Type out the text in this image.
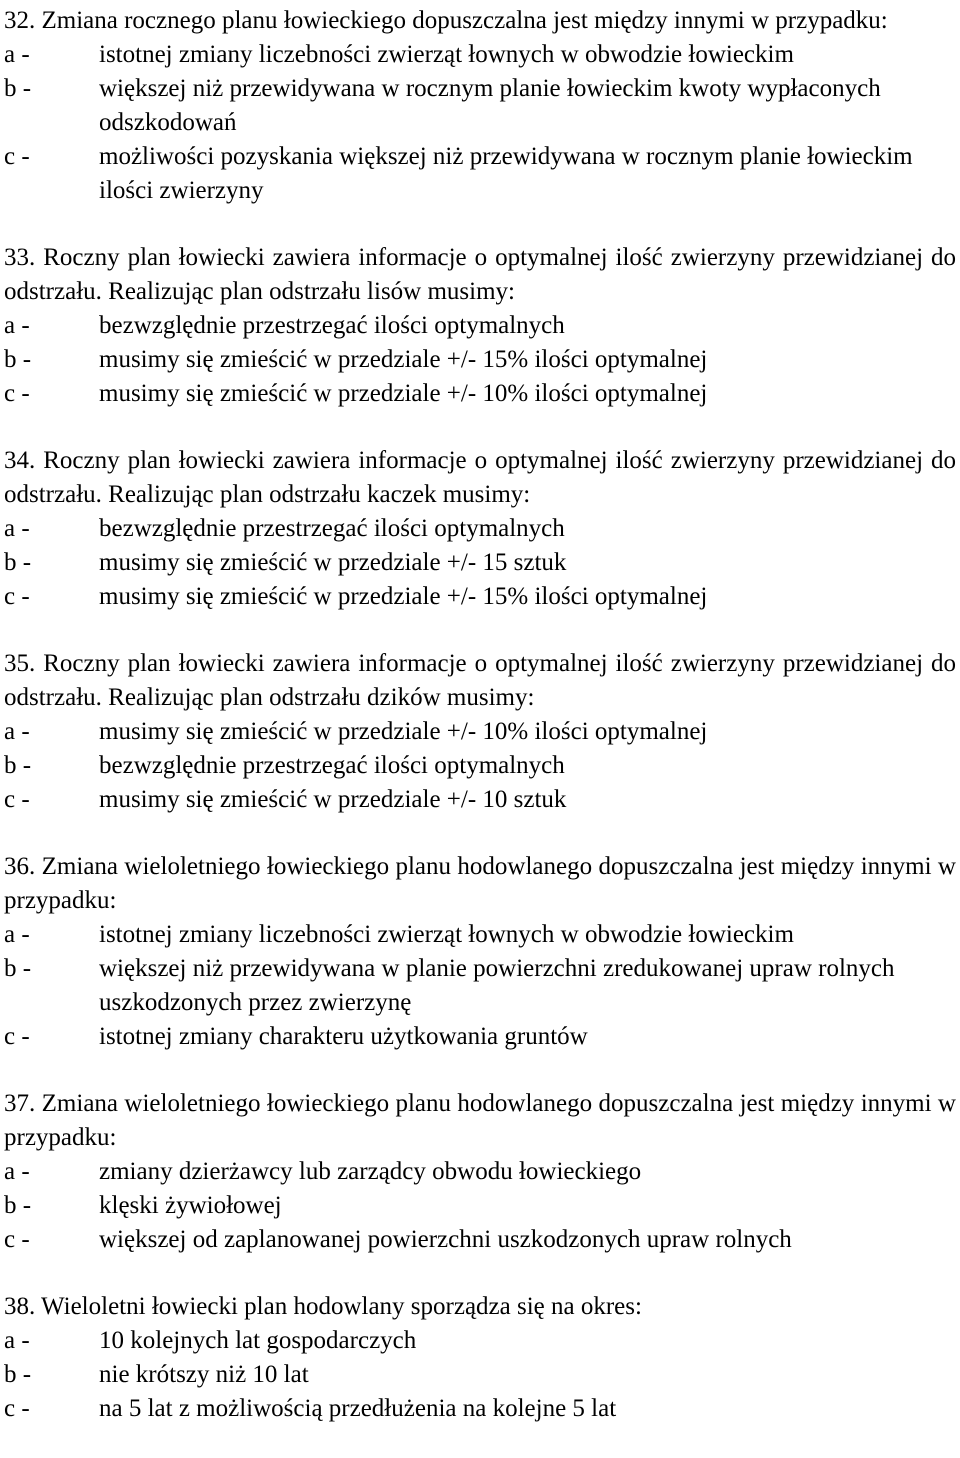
32. Zmiana rocznego planu łowieckiego dopuszczalna jest między innymi w przypadku:

a -	istotnej zmiany liczebności zwierząt łownych w obwodzie łowieckim
b -	większej niż przewidywana w rocznym planie łowieckim kwoty wypłaconych odszkodowań
c -	możliwości pozyskania większej niż przewidywana w rocznym planie łowieckim ilości zwierzyny

33. Roczny plan łowiecki zawiera informacje o optymalnej ilość zwierzyny przewidzianej do odstrzału. Realizując plan odstrzału lisów musimy:

a -	bezwzględnie przestrzegać ilości optymalnych
b -	musimy się zmieścić w przedziale +/- 15% ilości optymalnej
c -	musimy się zmieścić w przedziale +/- 10% ilości optymalnej

34. Roczny plan łowiecki zawiera informacje o optymalnej ilość zwierzyny przewidzianej do odstrzału. Realizując plan odstrzału kaczek musimy:

a -	bezwzględnie przestrzegać ilości optymalnych
b -	musimy się zmieścić w przedziale +/- 15 sztuk
c -	musimy się zmieścić w przedziale +/- 15% ilości optymalnej

35. Roczny plan łowiecki zawiera informacje o optymalnej ilość zwierzyny przewidzianej do odstrzału. Realizując plan odstrzału dzików musimy:

a -	musimy się zmieścić w przedziale +/- 10% ilości optymalnej
b -	bezwzględnie przestrzegać ilości optymalnych
c -	musimy się zmieścić w przedziale +/- 10 sztuk

36. Zmiana wieloletniego łowieckiego planu hodowlanego dopuszczalna jest między innymi w przypadku:

a -	istotnej zmiany liczebności zwierząt łownych w obwodzie łowieckim
b -	większej niż przewidywana w planie powierzchni zredukowanej upraw rolnych uszkodzonych przez zwierzynę
c -	istotnej zmiany charakteru użytkowania gruntów

37. Zmiana wieloletniego łowieckiego planu hodowlanego dopuszczalna jest między innymi w przypadku:

a -	zmiany dzierżawcy lub zarządcy obwodu łowieckiego
b -	klęski żywiołowej
c -	większej od zaplanowanej powierzchni uszkodzonych upraw rolnych

38. Wieloletni łowiecki plan hodowlany sporządza się na okres:

a -	10 kolejnych lat gospodarczych
b -	nie krótszy niż 10 lat
c -	na 5 lat z możliwością przedłużenia na kolejne 5 lat
